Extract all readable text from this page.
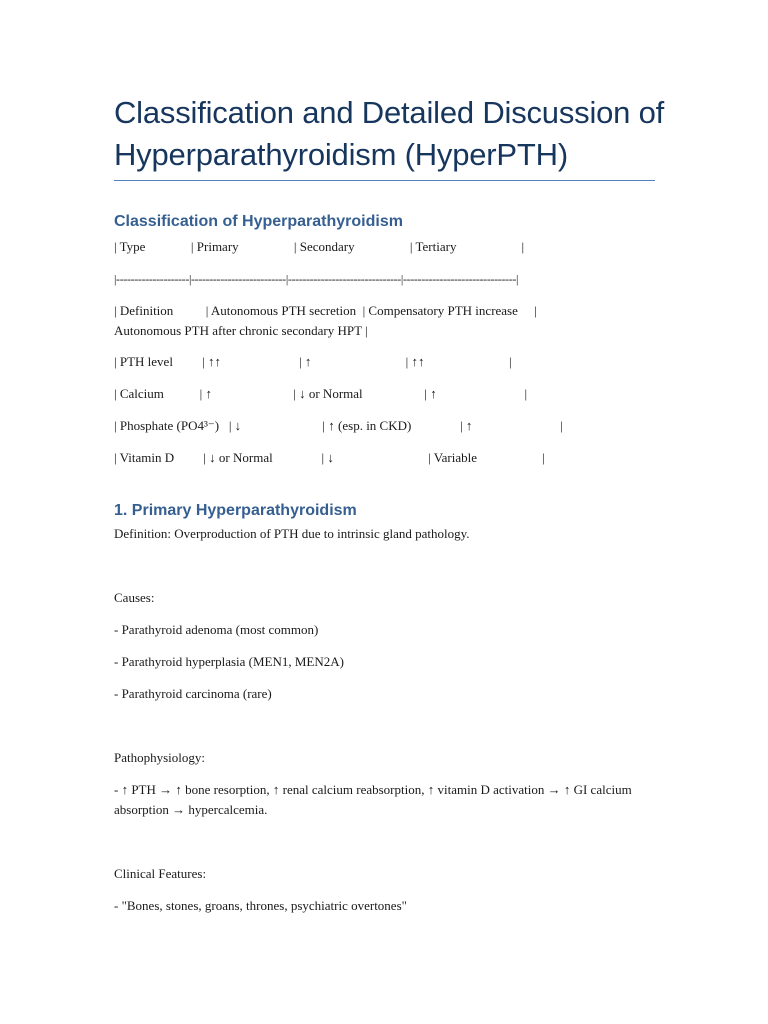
Classification and Detailed Discussion of
Hyperparathyroidism (HyperPTH)
Classification of Hyperparathyroidism

| Type              | Primary                 | Secondary                 | Tertiary                    |

|--------------------|--------------------------|-------------------------------|-------------------------------|

| Definition          | Autonomous PTH secretion  | Compensatory PTH increase     |

Autonomous PTH after chronic secondary HPT |

| PTH level         | ↑↑                        | ↑                             | ↑↑                          |

| Calcium           | ↑                         | ↓ or Normal                   | ↑                           |

| Phosphate (PO4³⁻)   | ↓                         | ↑ (esp. in CKD)               | ↑                           |

| Vitamin D         | ↓ or Normal               | ↓                             | Variable                    |

1. Primary Hyperparathyroidism

Definition: Overproduction of PTH due to intrinsic gland pathology.

Causes:

- Parathyroid adenoma (most common)

- Parathyroid hyperplasia (MEN1, MEN2A)

- Parathyroid carcinoma (rare)

Pathophysiology:

- ↑ PTH → ↑ bone resorption, ↑ renal calcium reabsorption, ↑ vitamin D activation → ↑ GI calcium absorption → hypercalcemia.

Clinical Features:

- "Bones, stones, groans, thrones, psychiatric overtones"
